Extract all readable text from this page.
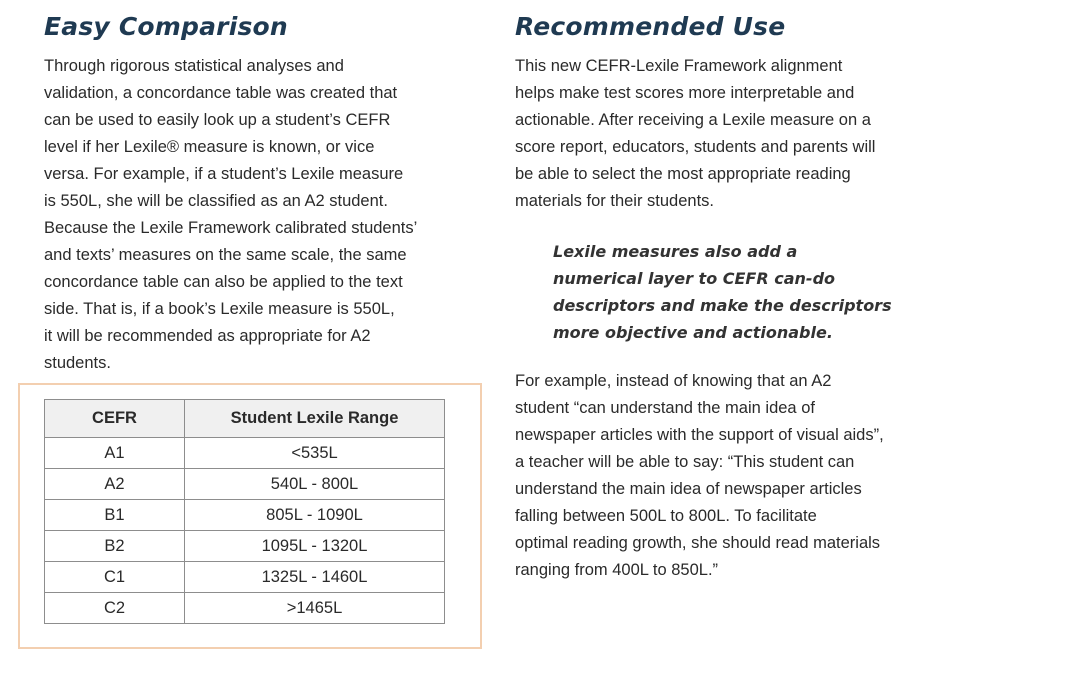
Easy Comparison

Through rigorous statistical analyses and
validation, a concordance table was created that
can be used to easily look up a student’s CEFR
level if her Lexile® measure is known, or vice
versa. For example, if a student’s Lexile measure
is 550L, she will be classified as an A2 student.
Because the Lexile Framework calibrated students’
and texts’ measures on the same scale, the same
concordance table can also be applied to the text
side. That is, if a book’s Lexile measure is 550L,
it will be recommended as appropriate for A2
students.

CEFR	Student Lexile Range
A1	<535L
A2	540L - 800L
B1	805L - 1090L
B2	1095L - 1320L
C1	1325L - 1460L
C2	>1465L
Recommended Use

This new CEFR-Lexile Framework alignment
helps make test scores more interpretable and
actionable. After receiving a Lexile measure on a
score report, educators, students and parents will
be able to select the most appropriate reading
materials for their students.

Lexile measures also add a
numerical layer to CEFR can-do
descriptors and make the descriptors
more objective and actionable.

For example, instead of knowing that an A2
student “can understand the main idea of
newspaper articles with the support of visual aids”,
a teacher will be able to say: “This student can
understand the main idea of newspaper articles
falling between 500L to 800L. To facilitate
optimal reading growth, she should read materials
ranging from 400L to 850L.”
